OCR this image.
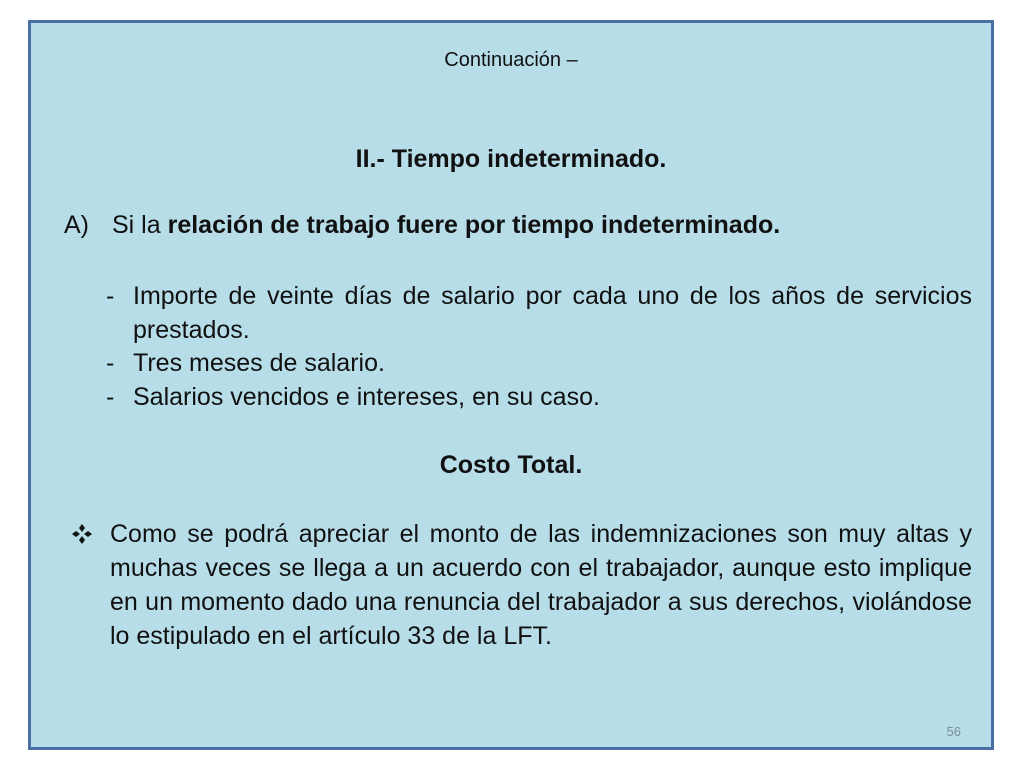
Continuación –
II.- Tiempo indeterminado.
A) Si la relación de trabajo fuere por tiempo indeterminado.
- Importe de veinte días de salario por cada uno de los años de servicios prestados.
- Tres meses de salario.
- Salarios vencidos e intereses, en su caso.
Costo Total.
Como se podrá apreciar el monto de las indemnizaciones son muy altas y muchas veces se llega a un acuerdo con el trabajador, aunque esto implique en un momento dado una renuncia del trabajador a sus derechos, violándose lo estipulado en el artículo 33 de la LFT.
56
